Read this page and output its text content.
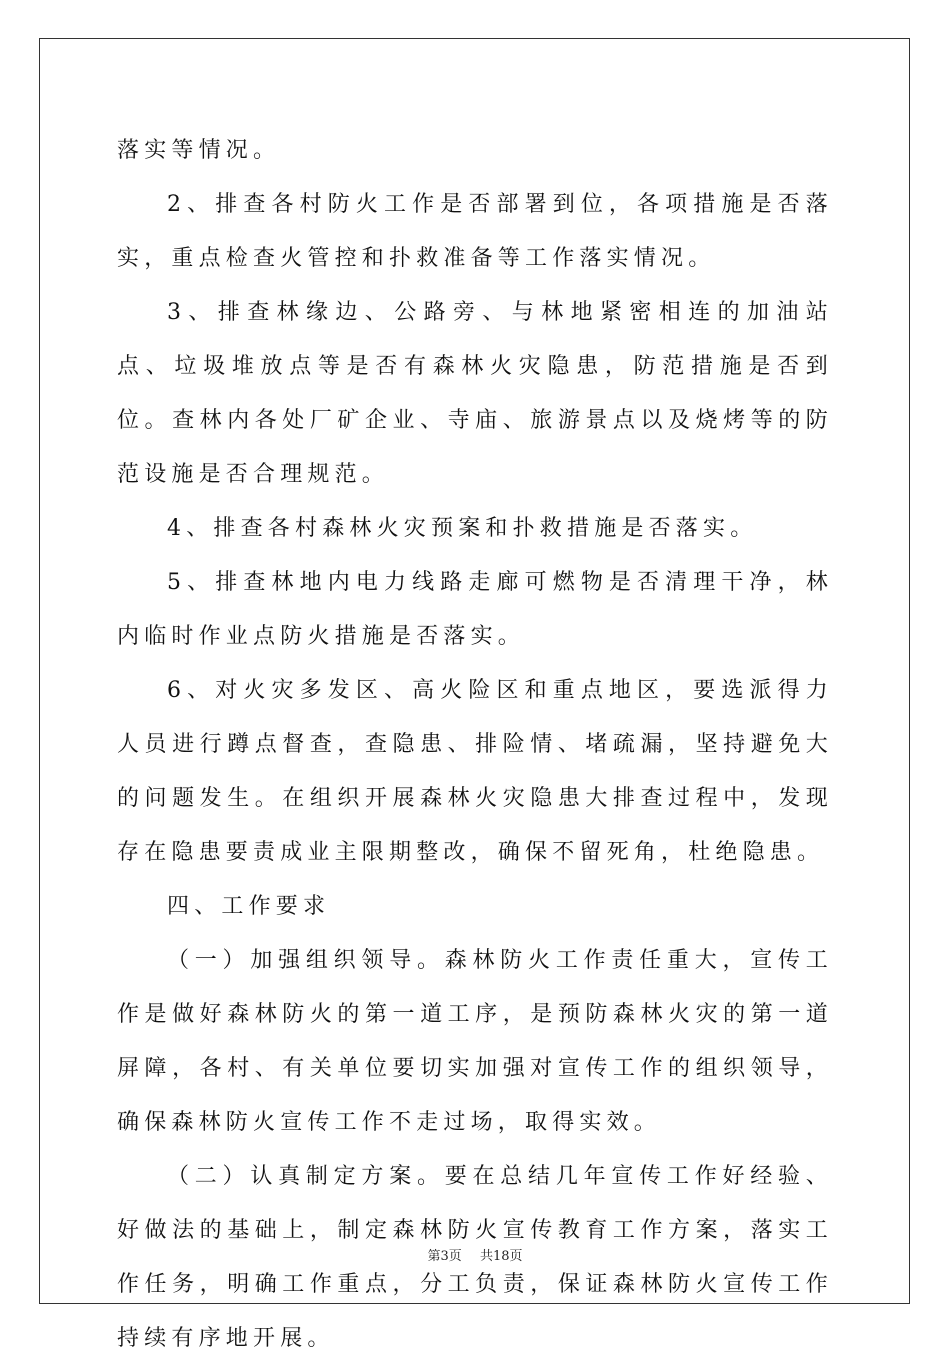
落实等情况。

2、排查各村防火工作是否部署到位，各项措施是否落实，重点检查火管控和扑救准备等工作落实情况。

3、排查林缘边、公路旁、与林地紧密相连的加油站点、垃圾堆放点等是否有森林火灾隐患，防范措施是否到位。查林内各处厂矿企业、寺庙、旅游景点以及烧烤等的防范设施是否合理规范。

4、排查各村森林火灾预案和扑救措施是否落实。

5、排查林地内电力线路走廊可燃物是否清理干净，林内临时作业点防火措施是否落实。

6、对火灾多发区、高火险区和重点地区，要选派得力人员进行蹲点督查，查隐患、排险情、堵疏漏，坚持避免大的问题发生。在组织开展森林火灾隐患大排查过程中，发现存在隐患要责成业主限期整改，确保不留死角，杜绝隐患。

四、工作要求

（一）加强组织领导。森林防火工作责任重大，宣传工作是做好森林防火的第一道工序，是预防森林火灾的第一道屏障，各村、有关单位要切实加强对宣传工作的组织领导，确保森林防火宣传工作不走过场，取得实效。

（二）认真制定方案。要在总结几年宣传工作好经验、好做法的基础上，制定森林防火宣传教育工作方案，落实工作任务，明确工作重点，分工负责，保证森林防火宣传工作持续有序地开展。

第3页 共18页
